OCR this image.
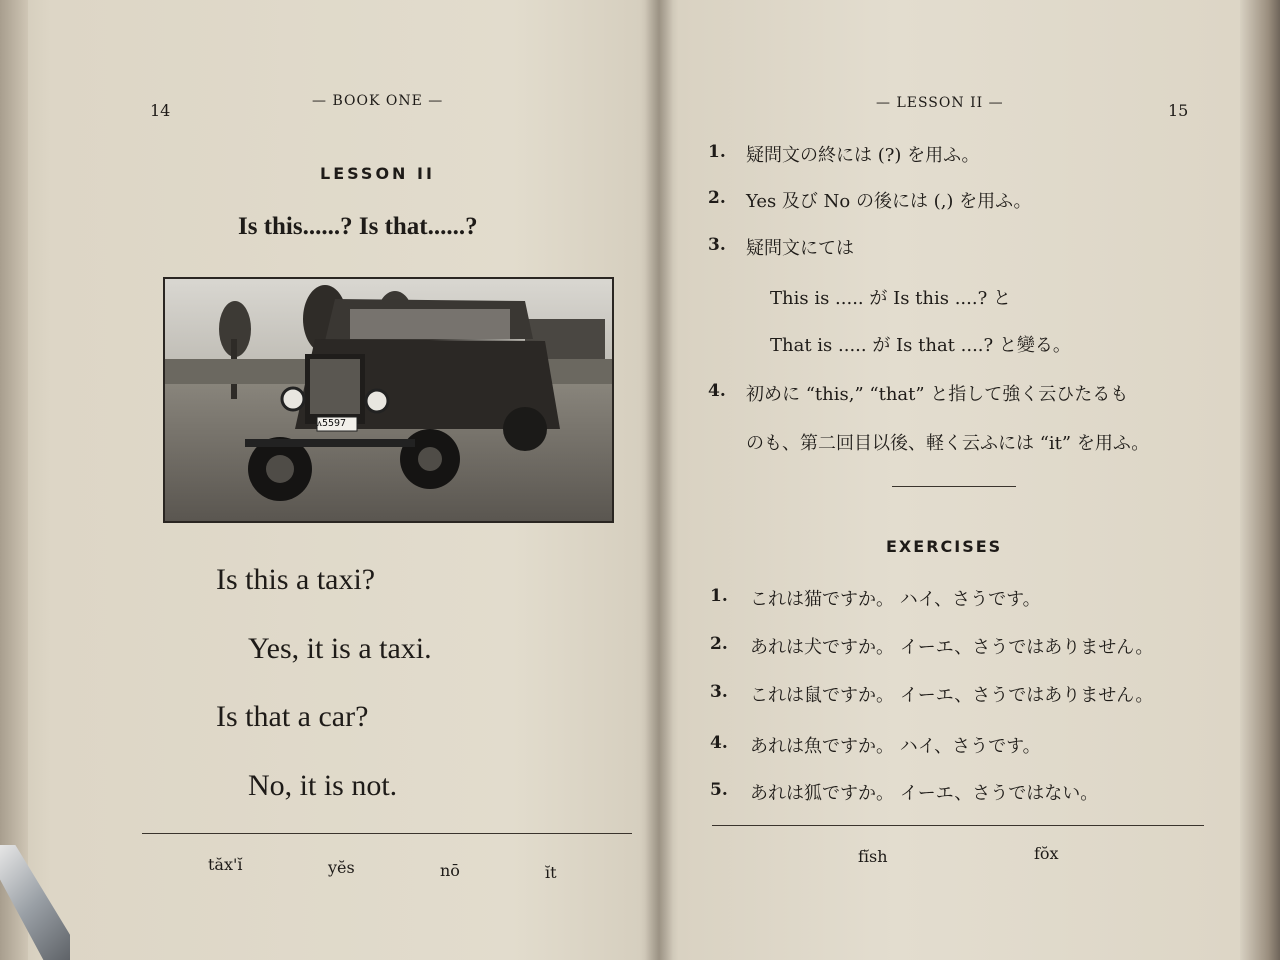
14	— BOOK ONE —
LESSON II
Is this......? Is that......?
ᴧ5597
Is this a taxi?
Yes, it is a taxi.
Is that a car?
No, it is not.
tăx'ĭ	yĕs	nō	ĭt
— LESSON II —	15
1. 疑問文の終には (?) を用ふ。
2. Yes 及び No の後には (,) を用ふ。
3. 疑問文にては
This is ..... が Is this ....? と
That is ..... が Is that ....? と變る。
4. 初めに “this,” “that” と指して強く云ひたるも
のも、第二回目以後、軽く云ふには “it” を用ふ。
EXERCISES
1. これは猫ですか。 ハイ、さうです。
2. あれは犬ですか。 イーエ、さうではありません。
3. これは鼠ですか。 イーエ、さうではありません。
4. あれは魚ですか。 ハイ、さうです。
5. あれは狐ですか。 イーエ、さうではない。
fĭsh	fŏx
